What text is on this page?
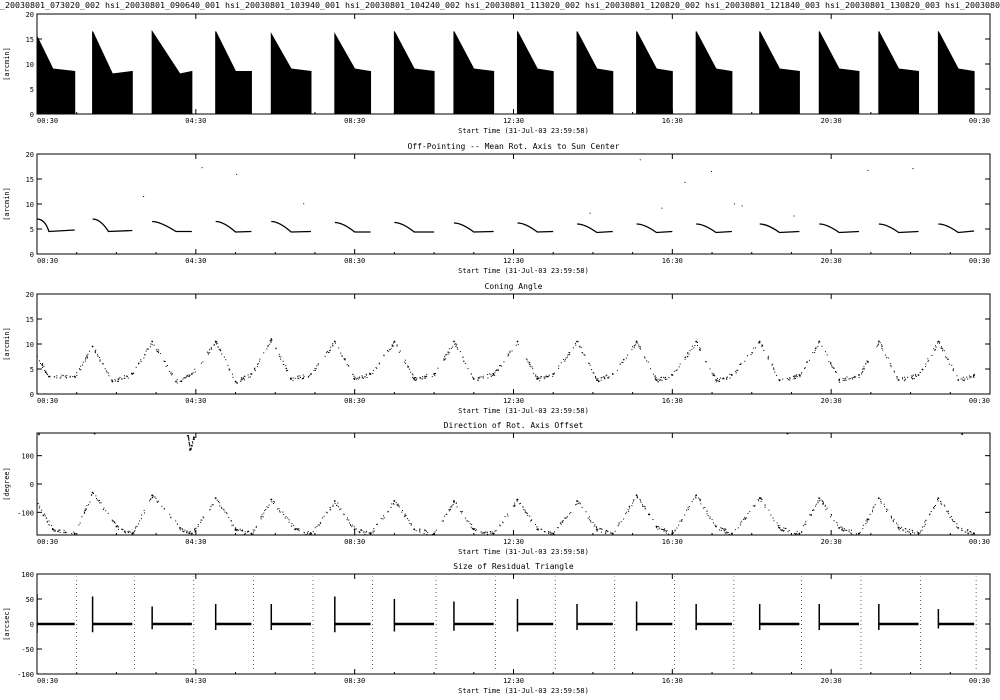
_20030801_073020_002 hsi_20030801_090640_001 hsi_20030801_103940_001 hsi_20030801_104240_002 hsi_20030801_113020_002 hsi_20030801_120820_002 hsi_20030801_121840_003 hsi_20030801_130820_003 hsi_2003080
0
5
10
15
20
[arcmin]
00:30	04:30	08:30	12:30	16:30	20:30	00:30
Start Time (31-Jul-03 23:59:58)
Off-Pointing -- Mean Rot. Axis to Sun Center
0
5
10
15
20
[arcmin]
00:30	04:30	08:30	12:30	16:30	20:30	00:30
Start Time (31-Jul-03 23:59:58)
Coning Angle
0
5
10
15
20
[arcmin]
00:30	04:30	08:30	12:30	16:30	20:30	00:30
Start Time (31-Jul-03 23:59:58)
Direction of Rot. Axis Offset
-100
0
100
[degree]
00:30	04:30	08:30	12:30	16:30	20:30	00:30
Start Time (31-Jul-03 23:59:58)
Size of Residual Triangle
-100
-50
0
50
100
[arcsec]
00:30	04:30	08:30	12:30	16:30	20:30	00:30
Start Time (31-Jul-03 23:59:58)
